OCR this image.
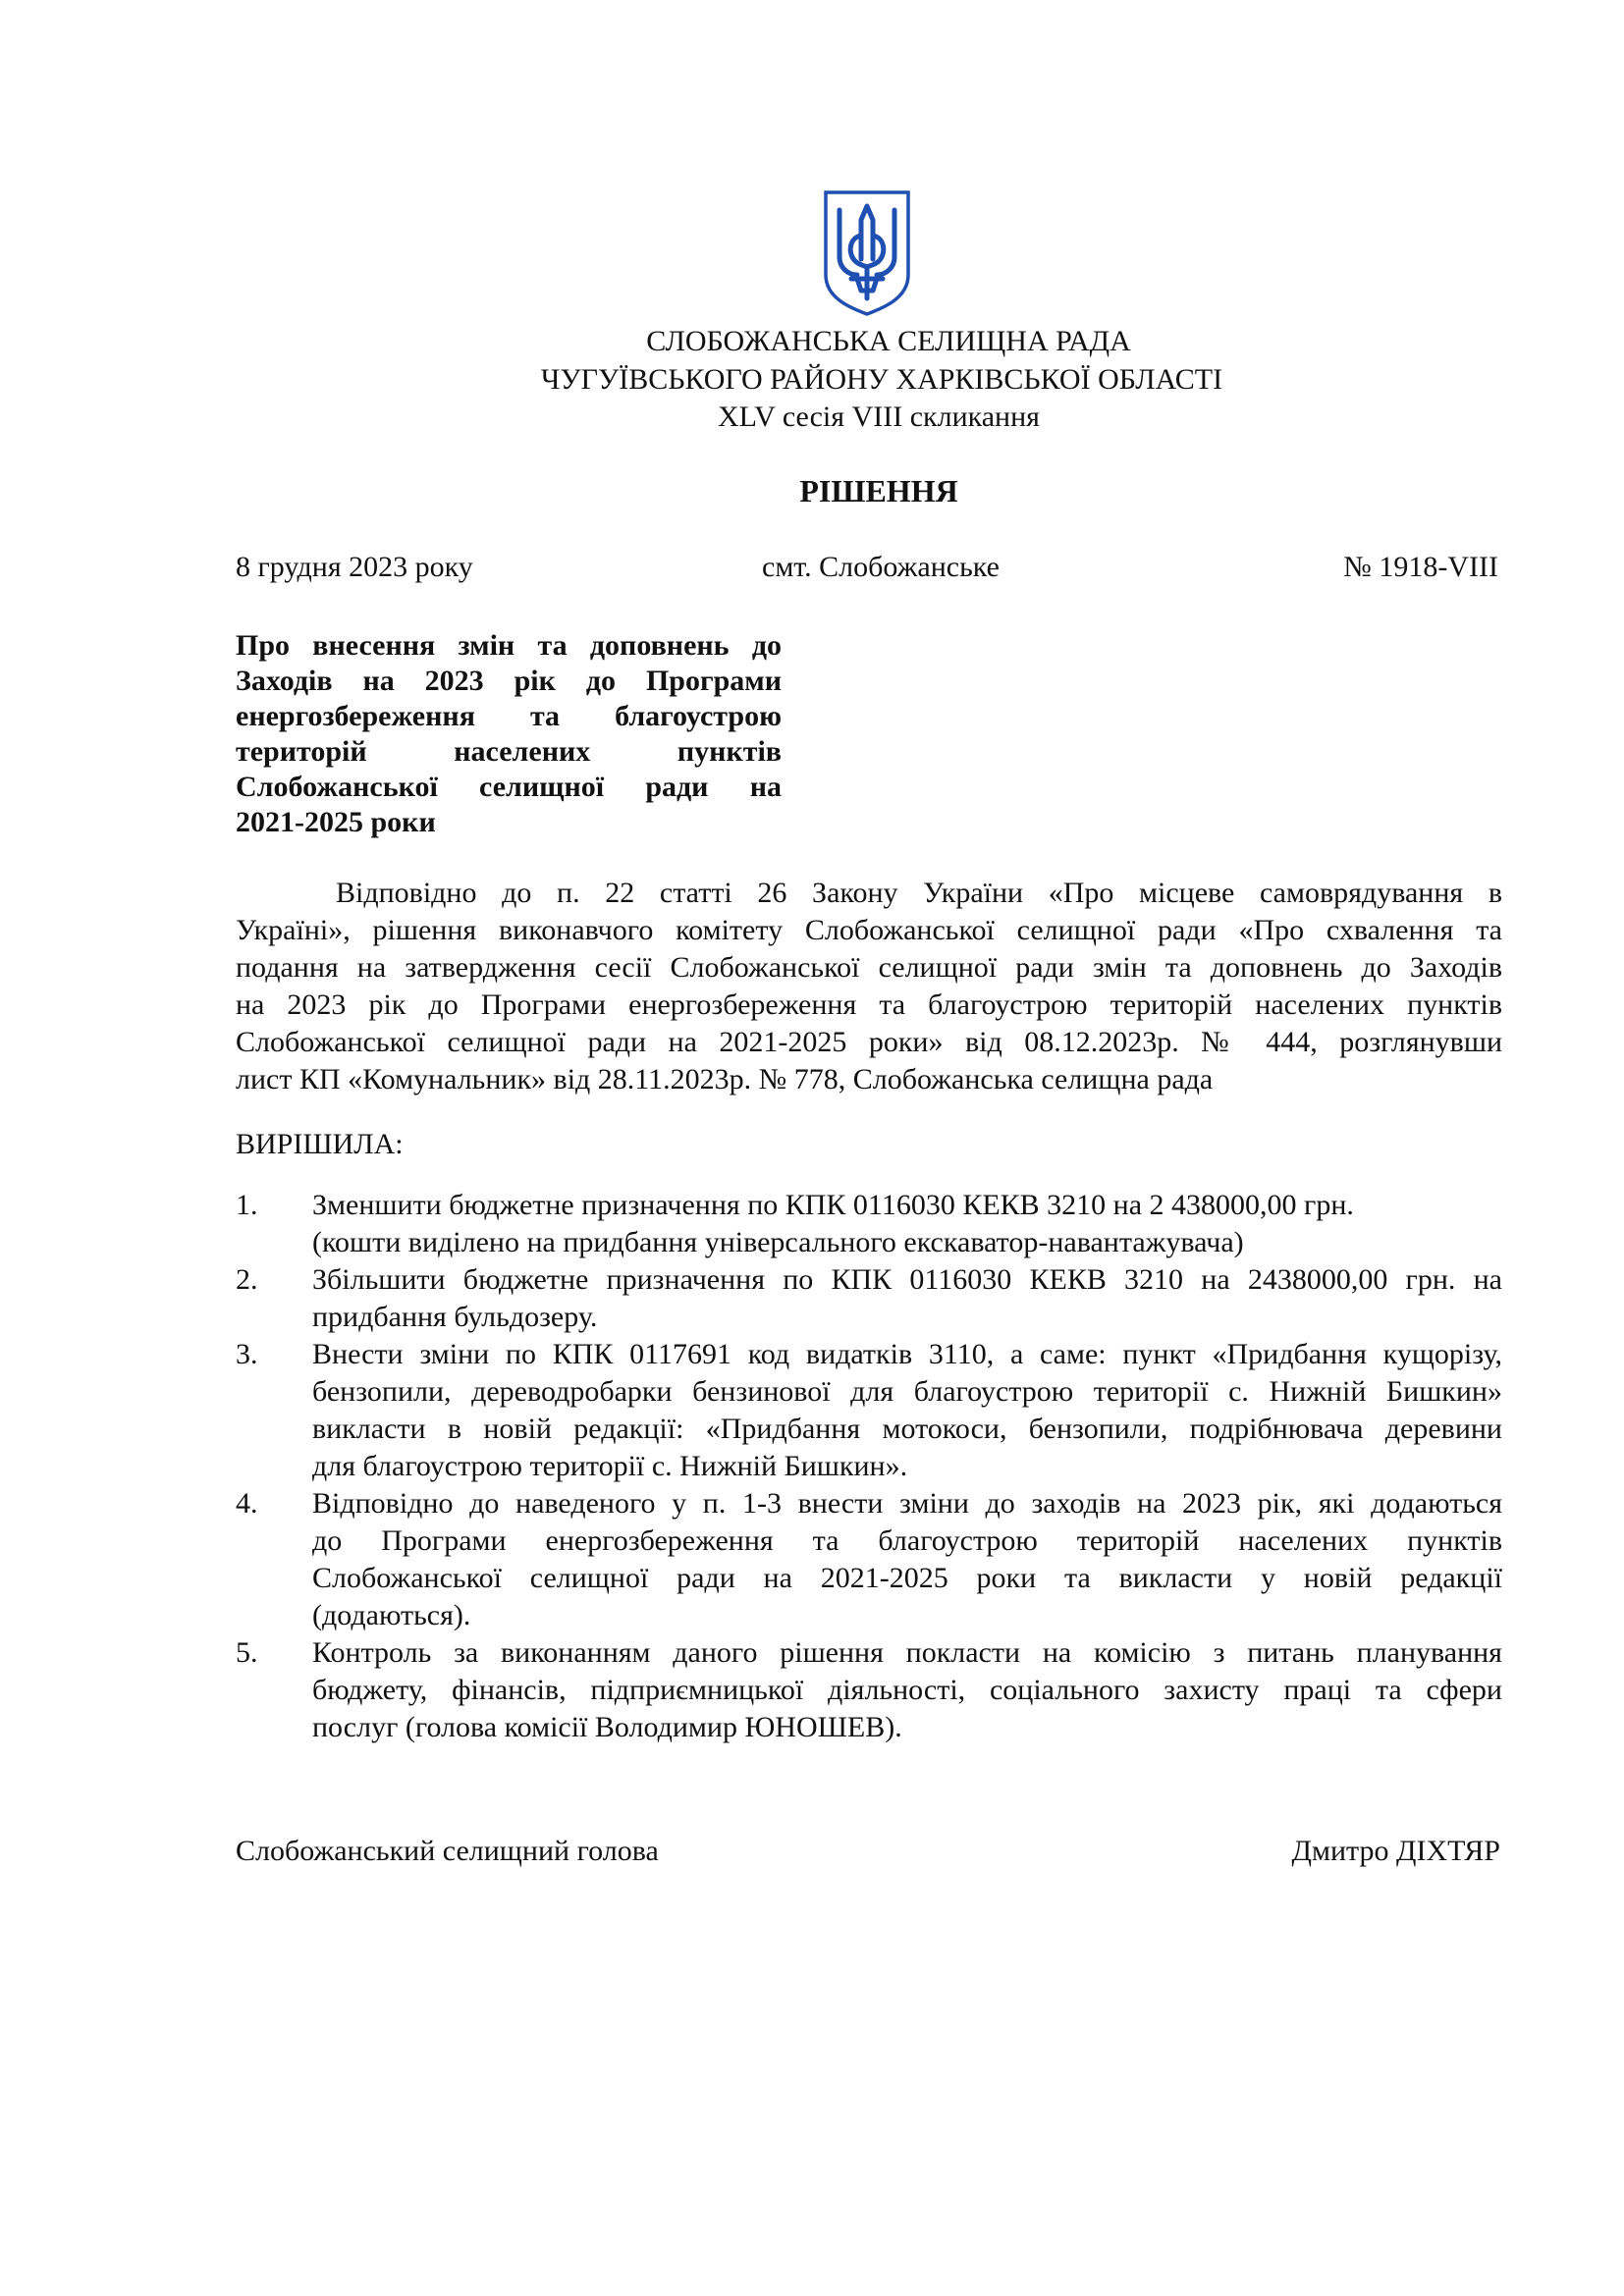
СЛОБОЖАНСЬКА СЕЛИЩНА РАДА
ЧУГУЇВСЬКОГО РАЙОНУ ХАРКІВСЬКОЇ ОБЛАСТІ
XLV сесія VIII скликання
РІШЕННЯ
8 грудня 2023 року	смт. Слобожанське	№ 1918-VIII
Про внесення змін та доповнень до
Заходів на 2023 рік до Програми
енергозбереження та благоустрою
територій населених пунктів
Слобожанської селищної ради на
2021-2025 роки
Відповідно до п. 22 статті 26 Закону України «Про місцеве самоврядування в
Україні», рішення виконавчого комітету Слобожанської селищної ради «Про схвалення та
подання на затвердження сесії Слобожанської селищної ради змін та доповнень до Заходів
на 2023 рік до Програми енергозбереження та благоустрою територій населених пунктів
Слобожанської селищної ради на 2021-2025 роки» від 08.12.2023р. № 444, розглянувши
лист КП «Комунальник» від 28.11.2023р. № 778, Слобожанська селищна рада
ВИРІШИЛА:
1. Зменшити бюджетне призначення по КПК 0116030 КЕКВ 3210 на 2 438000,00 грн.
(кошти виділено на придбання універсального екскаватор-навантажувача)
2. Збільшити бюджетне призначення по КПК 0116030 КЕКВ 3210 на 2438000,00 грн. на
придбання бульдозеру.
3. Внести зміни по КПК 0117691 код видатків 3110, а саме: пункт «Придбання кущорізу,
бензопили, дереводробарки бензинової для благоустрою території с. Нижній Бишкин»
викласти в новій редакції: «Придбання мотокоси, бензопили, подрібнювача деревини
для благоустрою території с. Нижній Бишкин».
4. Відповідно до наведеного у п. 1-3 внести зміни до заходів на 2023 рік, які додаються
до Програми енергозбереження та благоустрою територій населених пунктів
Слобожанської селищної ради на 2021-2025 роки та викласти у новій редакції
(додаються).
5. Контроль за виконанням даного рішення покласти на комісію з питань планування
бюджету, фінансів, підприємницької діяльності, соціального захисту праці та сфери
послуг (голова комісії Володимир ЮНОШЕВ).
Слобожанський селищний голова	Дмитро ДІХТЯР
